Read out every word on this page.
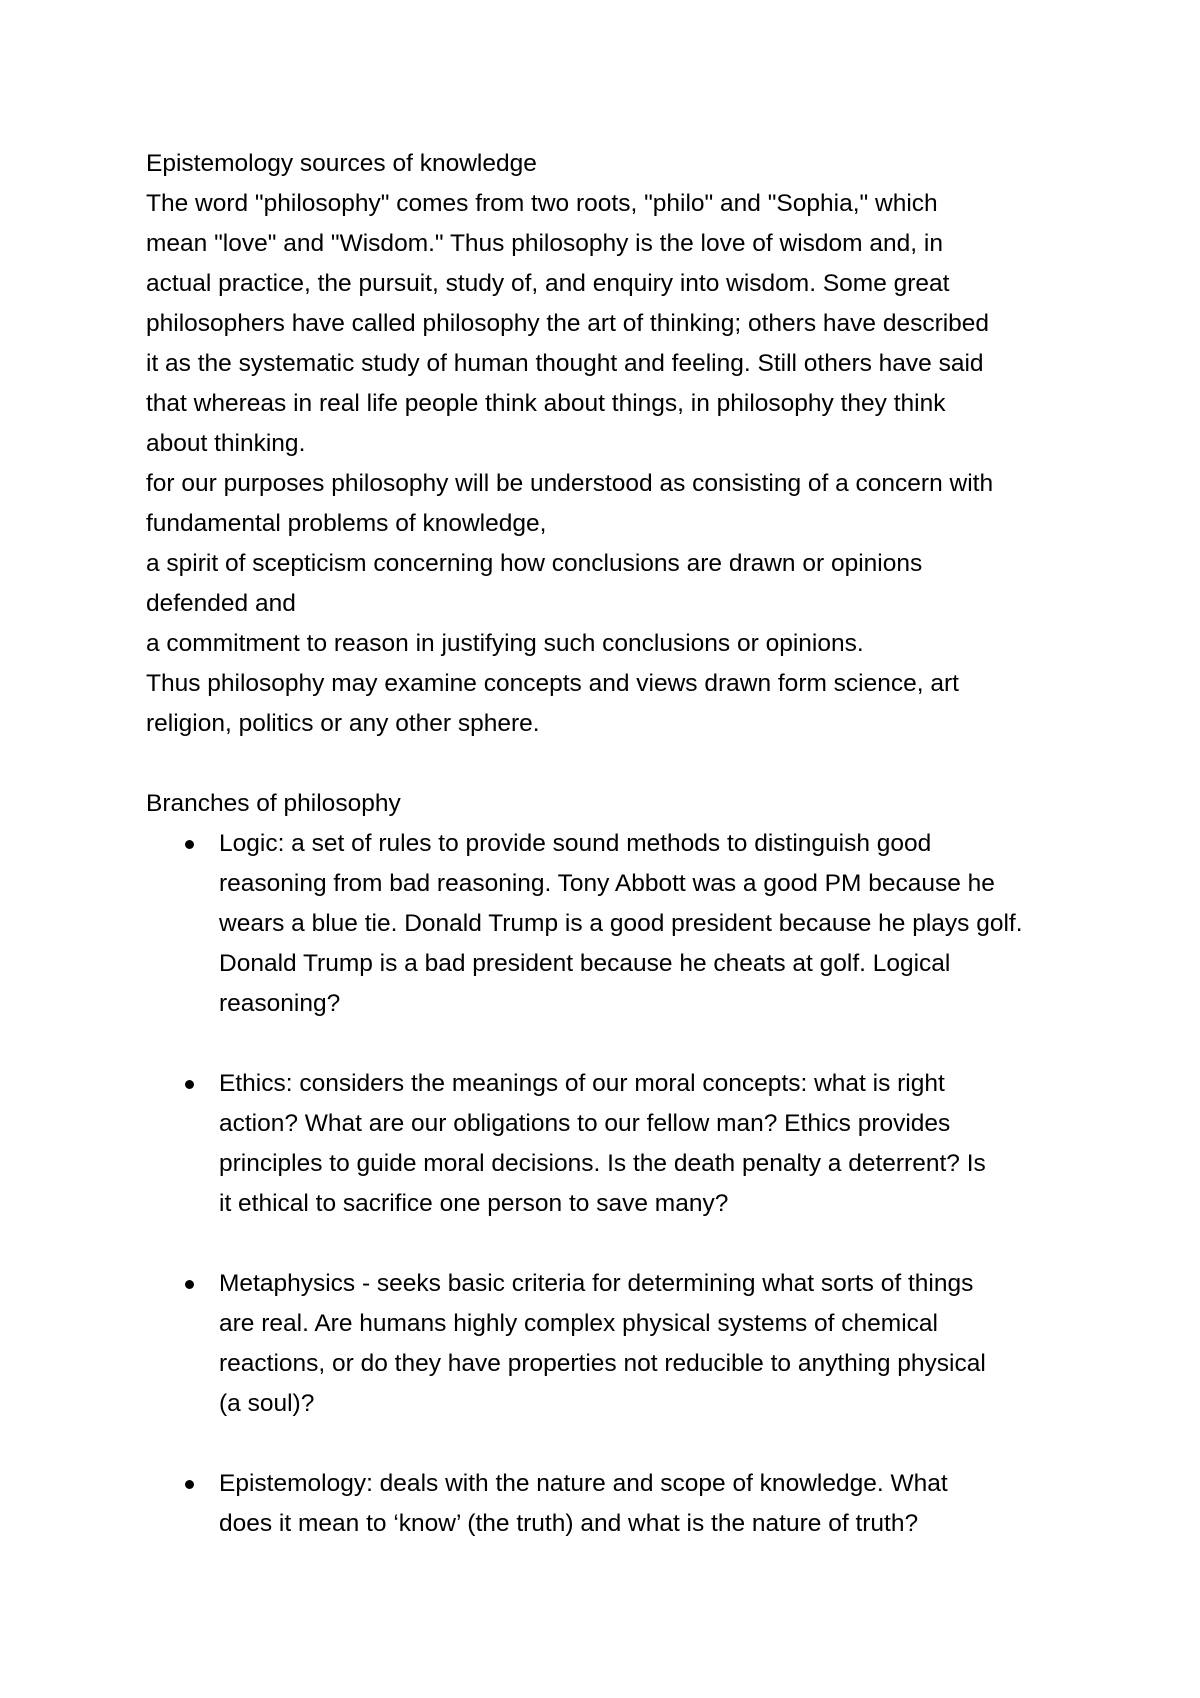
Epistemology sources of knowledge
The word "philosophy" comes from two roots, "philo" and "Sophia," which
mean "love" and "Wisdom." Thus philosophy is the love of wisdom and, in
actual practice, the pursuit, study of, and enquiry into wisdom. Some great
philosophers have called philosophy the art of thinking; others have described
it as the systematic study of human thought and feeling. Still others have said
that whereas in real life people think about things, in philosophy they think
about thinking.
for our purposes philosophy will be understood as consisting of a concern with
fundamental problems of knowledge,
a spirit of scepticism concerning how conclusions are drawn or opinions
defended and
a commitment to reason in justifying such conclusions or opinions.
Thus philosophy may examine concepts and views drawn form science, art
religion, politics or any other sphere.
Branches of philosophy
Logic: a set of rules to provide sound methods to distinguish good
reasoning from bad reasoning. Tony Abbott was a good PM because he
wears a blue tie. Donald Trump is a good president because he plays golf.
Donald Trump is a bad president because he cheats at golf. Logical
reasoning?
Ethics: considers the meanings of our moral concepts: what is right
action? What are our obligations to our fellow man? Ethics provides
principles to guide moral decisions. Is the death penalty a deterrent? Is
it ethical to sacrifice one person to save many?
Metaphysics - seeks basic criteria for determining what sorts of things
are real. Are humans highly complex physical systems of chemical
reactions, or do they have properties not reducible to anything physical
(a soul)?
Epistemology: deals with the nature and scope of knowledge. What
does it mean to ‘know’ (the truth) and what is the nature of truth?
